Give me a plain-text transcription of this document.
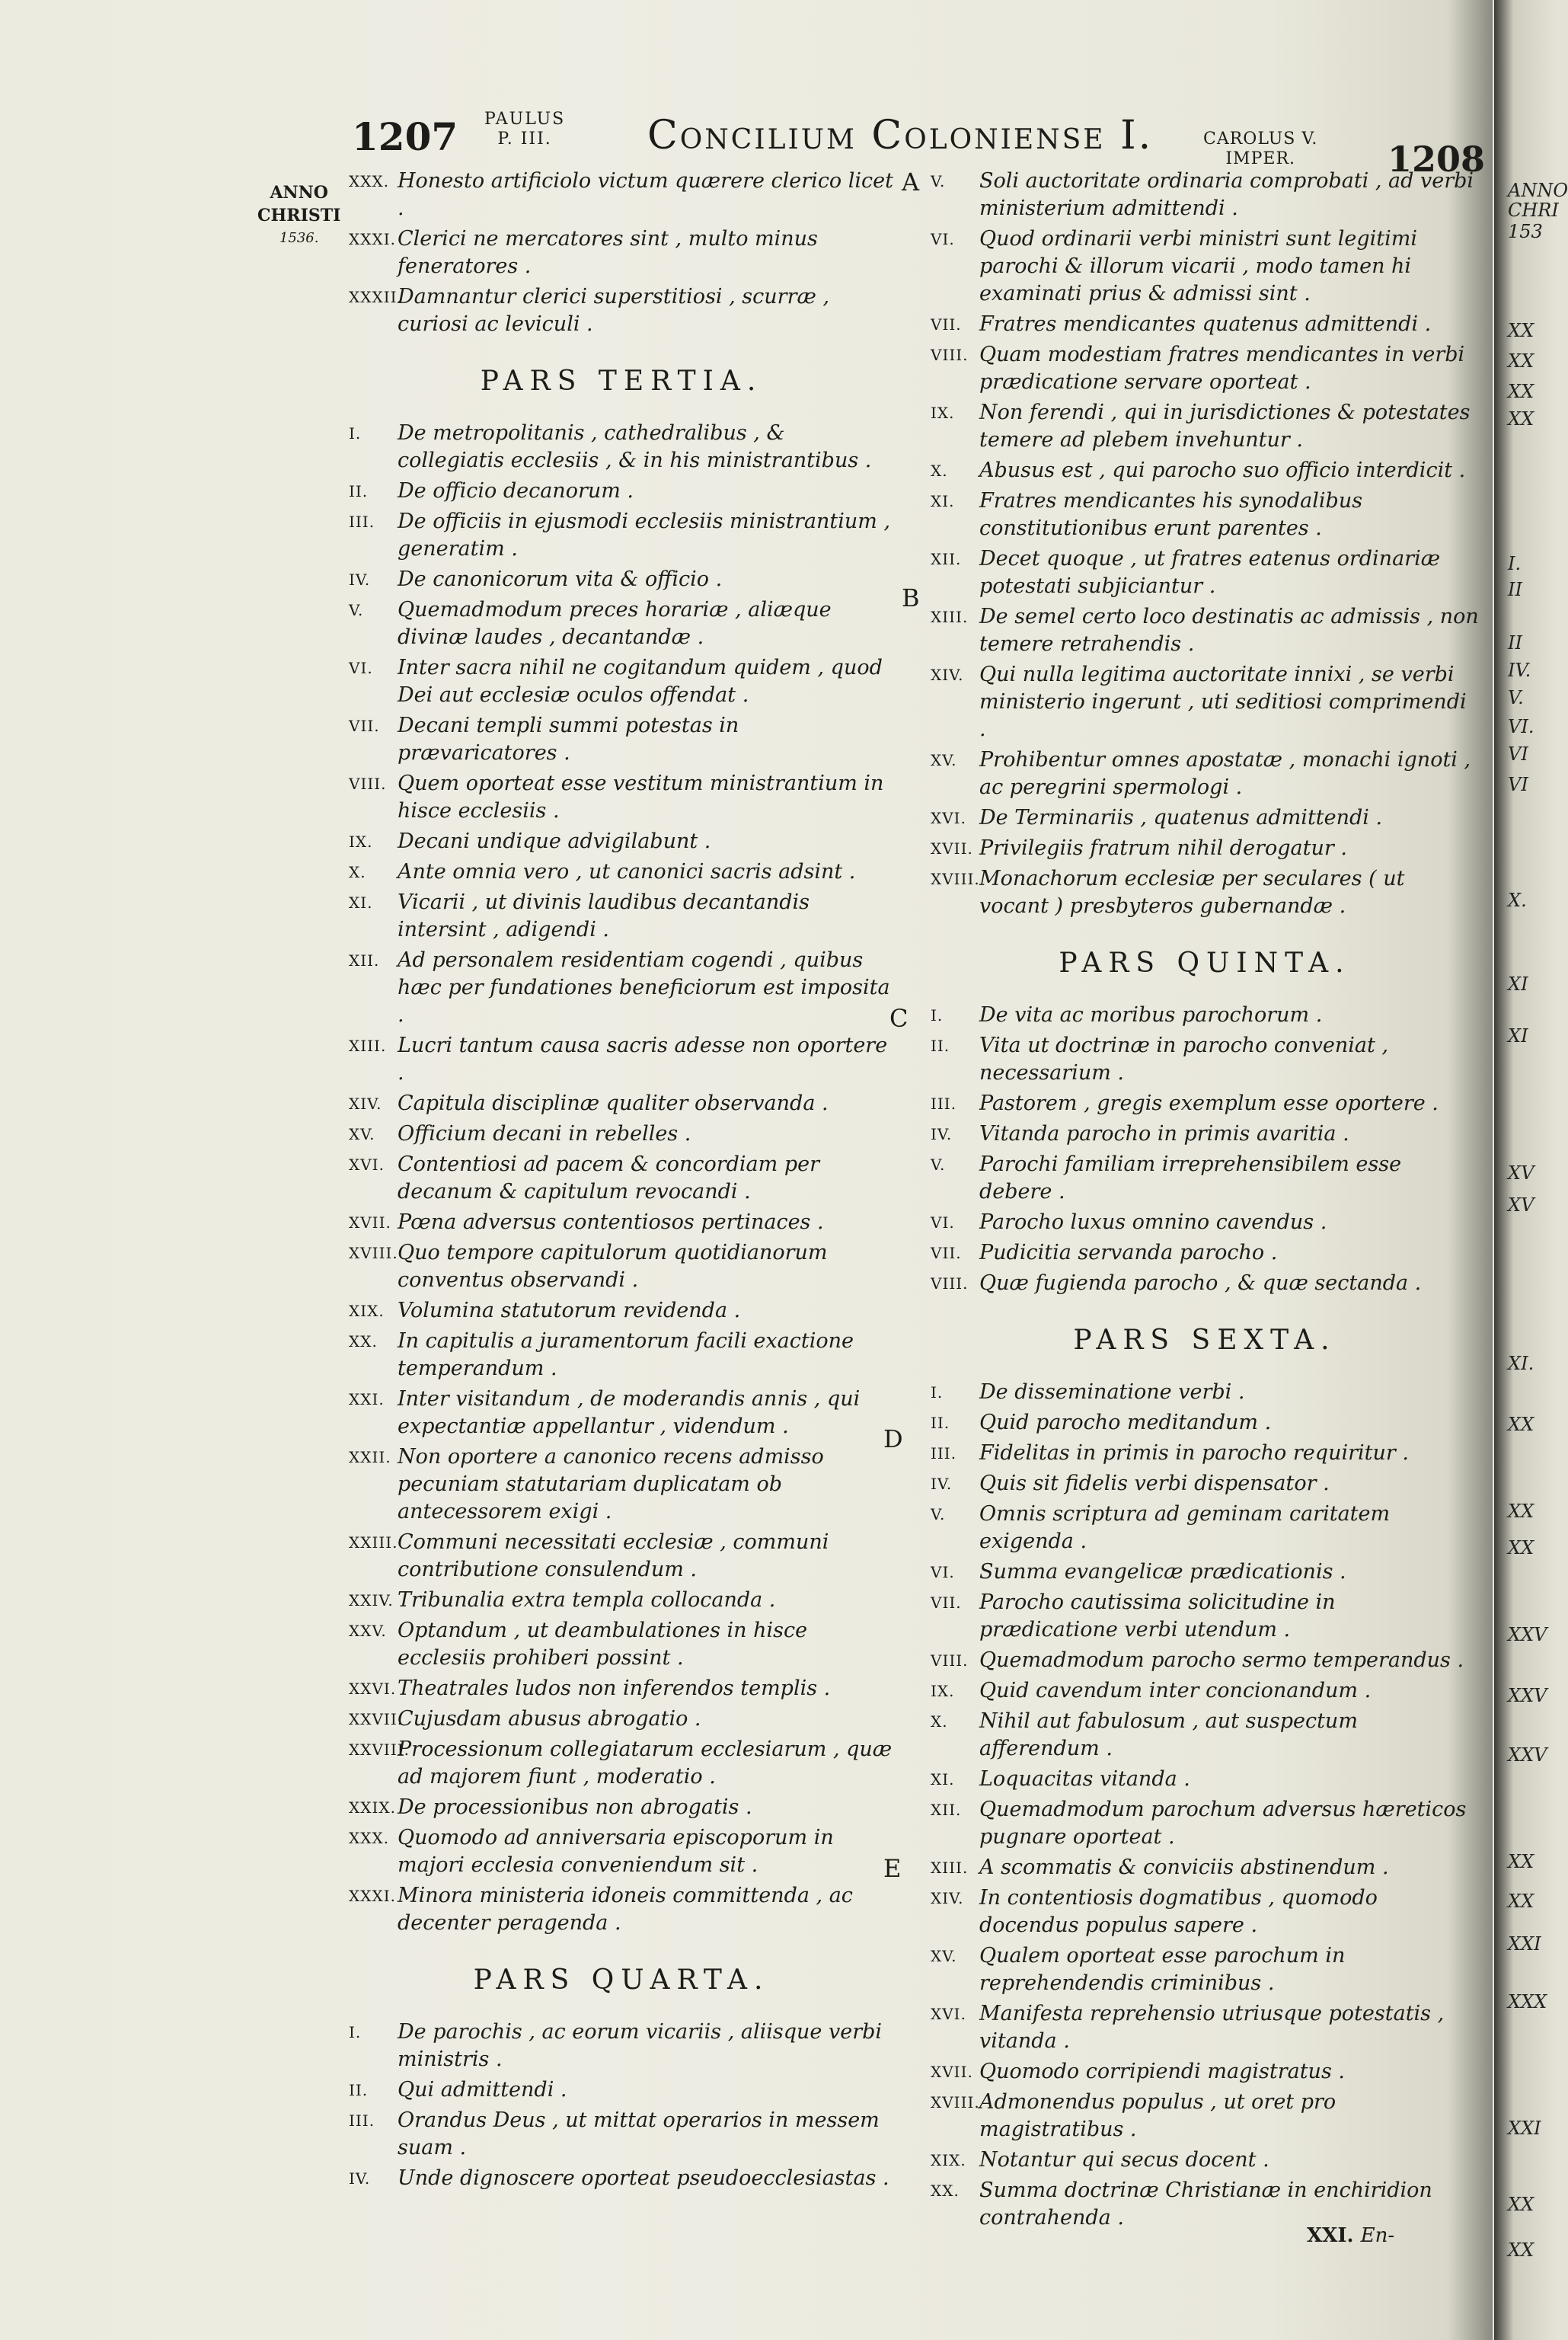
1207 PAULUS
P. III.	Concilium Coloniense I.	CAROLUS V.
IMPER.	1208
ANNO
CHRISTI
1536.
A
B
C
D
E
XXX. Honesto artificiolo victum quærere clerico licet .
XXXI. Clerici ne mercatores sint , multo minus feneratores .
XXXII.
Damnantur clerici superstitiosi , scurræ , curiosi ac leviculi .
PARS TERTIA.
I. De metropolitanis , cathedralibus , & collegiatis ecclesiis , & in his ministrantibus .
II. De officio decanorum .
III. De officiis in ejusmodi ecclesiis ministrantium , generatim .
IV. De canonicorum vita & officio .
V. Quemadmodum preces horariæ , aliæque divinæ laudes , decantandæ .
VI. Inter sacra nihil ne cogitandum quidem , quod Dei aut ecclesiæ oculos offendat .
VII. Decani templi summi potestas in prævaricatores .
VIII. Quem oporteat esse vestitum ministrantium in hisce ecclesiis .
IX. Decani undique advigilabunt .
X. Ante omnia vero , ut canonici sacris adsint .
XI. Vicarii , ut divinis laudibus decantandis intersint , adigendi .
XII. Ad personalem residentiam cogendi , quibus hæc per fundationes beneficiorum est imposita .
XIII. Lucri tantum causa sacris adesse non oportere .
XIV. Capitula disciplinæ qualiter observanda .
XV. Officium decani in rebelles .
XVI. Contentiosi ad pacem & concordiam per decanum & capitulum revocandi .
XVII. Pœna adversus contentiosos pertinaces .
XVIII. Quo tempore capitulorum quotidianorum conventus observandi .
XIX. Volumina statutorum revidenda .
XX. In capitulis a juramentorum facili exactione temperandum .
XXI. Inter visitandum , de moderandis annis , qui expectantiæ appellantur , videndum .
XXII. Non oportere a canonico recens admisso pecuniam statutariam duplicatam ob antecessorem exigi .
XXIII. Communi necessitati ecclesiæ , communi contributione consulendum .
XXIV. Tribunalia extra templa collocanda .
XXV. Optandum , ut deambulationes in hisce ecclesiis prohiberi possint .
XXVI. Theatrales ludos non inferendos templis .
XXVII.
Cujusdam abusus abrogatio .
XXVIII.
Processionum collegiatarum ecclesiarum , quæ ad majorem fiunt , moderatio .
XXIX. De processionibus non abrogatis .
XXX. Quomodo ad anniversaria episcoporum in majori ecclesia conveniendum sit .
XXXI. Minora ministeria idoneis committenda , ac decenter peragenda .
PARS QUARTA.
I. De parochis , ac eorum vicariis , aliisque verbi ministris .
II. Qui admittendi .
III. Orandus Deus , ut mittat operarios in messem suam .
IV. Unde dignoscere oporteat pseudoecclesiastas .
V. Soli auctoritate ordinaria comprobati , ad verbi ministerium admittendi .
VI. Quod ordinarii verbi ministri sunt legitimi parochi & illorum vicarii , modo tamen hi examinati prius & admissi sint .
VII. Fratres mendicantes quatenus admittendi .
VIII. Quam modestiam fratres mendicantes in verbi prædicatione servare oporteat .
IX. Non ferendi , qui in jurisdictiones & potestates temere ad plebem invehuntur .
X. Abusus est , qui parocho suo officio interdicit .
XI. Fratres mendicantes his synodalibus constitutionibus erunt parentes .
XII. Decet quoque , ut fratres eatenus ordinariæ potestati subjiciantur .
XIII. De semel certo loco destinatis ac admissis , non temere retrahendis .
XIV. Qui nulla legitima auctoritate innixi , se verbi ministerio ingerunt , uti seditiosi comprimendi .
XV. Prohibentur omnes apostatæ , monachi ignoti , ac peregrini spermologi .
XVI. De Terminariis , quatenus admittendi .
XVII. Privilegiis fratrum nihil derogatur .
XVIII. Monachorum ecclesiæ per seculares ( ut vocant ) presbyteros gubernandæ .
PARS QUINTA.
I. De vita ac moribus parochorum .
II. Vita ut doctrinæ in parocho conveniat , necessarium .
III. Pastorem , gregis exemplum esse oportere .
IV. Vitanda parocho in primis avaritia .
V. Parochi familiam irreprehensibilem esse debere .
VI. Parocho luxus omnino cavendus .
VII. Pudicitia servanda parocho .
VIII. Quæ fugienda parocho , & quæ sectanda .
PARS SEXTA.
I. De disseminatione verbi .
II. Quid parocho meditandum .
III. Fidelitas in primis in parocho requiritur .
IV. Quis sit fidelis verbi dispensator .
V. Omnis scriptura ad geminam caritatem exigenda .
VI. Summa evangelicæ prædicationis .
VII. Parocho cautissima solicitudine in prædicatione verbi utendum .
VIII. Quemadmodum parocho sermo temperandus .
IX. Quid cavendum inter concionandum .
X. Nihil aut fabulosum , aut suspectum afferendum .
XI. Loquacitas vitanda .
XII. Quemadmodum parochum adversus hæreticos pugnare oporteat .
XIII. A scommatis & conviciis abstinendum .
XIV. In contentiosis dogmatibus , quomodo docendus populus sapere .
XV. Qualem oporteat esse parochum in reprehendendis criminibus .
XVI. Manifesta reprehensio utriusque potestatis , vitanda .
XVII. Quomodo corripiendi magistratus .
XVIII. Admonendus populus , ut oret pro magistratibus .
XIX. Notantur qui secus docent .
XX. Summa doctrinæ Christianæ in enchiridion contrahenda .
XXI. En-
ANNO
CHRI
153
XX
XX
XX
XX
I.
II
II
IV.
V.
VI.
VI
VI
X.
XI
XI
XV
XV
XI.
XX
XX
XX
XXV
XXV
XXV
XX
XX
XXI
XXX
XXI
XX
XX
